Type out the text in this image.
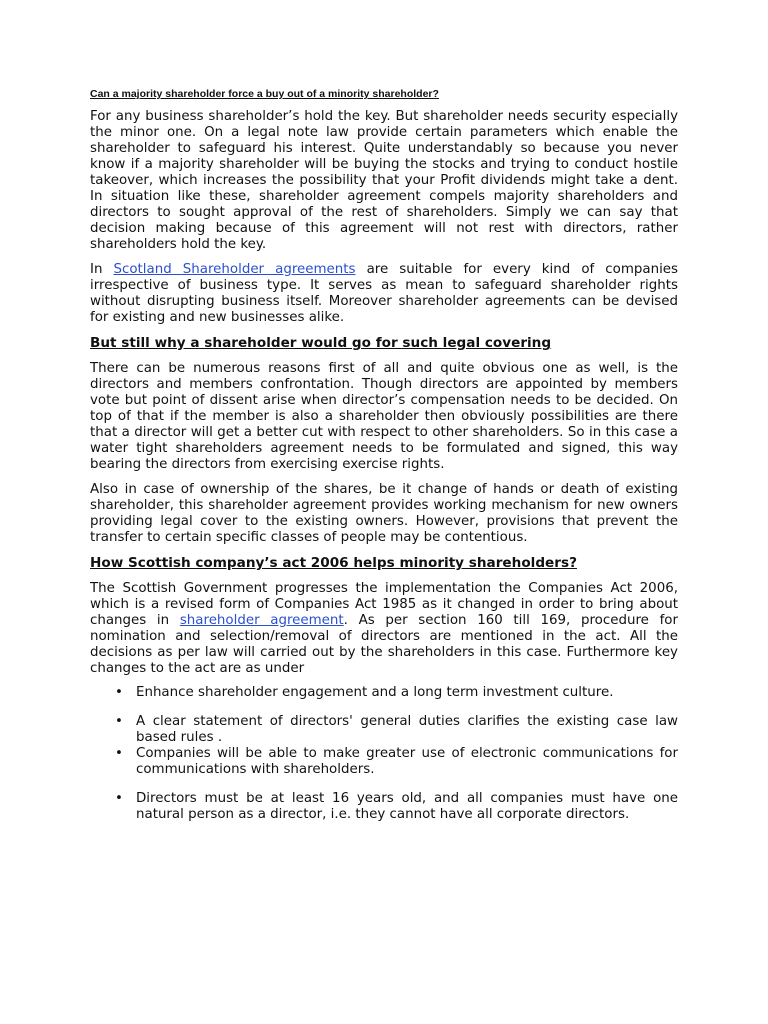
Can a majority shareholder force a buy out of a minority shareholder?

For any business shareholder’s hold the key. But shareholder needs security especially the minor one. On a legal note law provide certain parameters which enable the shareholder to safeguard his interest. Quite understandably so because you never know if a majority shareholder will be buying the stocks and trying to conduct hostile takeover, which increases the possibility that your Profit dividends might take a dent. In situation like these, shareholder agreement compels majority shareholders and directors to sought approval of the rest of shareholders. Simply we can say that decision making because of this agreement will not rest with directors, rather shareholders hold the key.

In Scotland Shareholder agreements are suitable for every kind of companies irrespective of business type. It serves as mean to safeguard shareholder rights without disrupting business itself. Moreover shareholder agreements can be devised for existing and new businesses alike.

But still why a shareholder would go for such legal covering

There can be numerous reasons first of all and quite obvious one as well, is the directors and members confrontation. Though directors are appointed by members vote but point of dissent arise when director’s compensation needs to be decided. On top of that if the member is also a shareholder then obviously possibilities are there that a director will get a better cut with respect to other shareholders. So in this case a water tight shareholders agreement needs to be formulated and signed, this way bearing the directors from exercising exercise rights.

Also in case of ownership of the shares, be it change of hands or death of existing shareholder, this shareholder agreement provides working mechanism for new owners providing legal cover to the existing owners. However, provisions that prevent the transfer to certain specific classes of people may be contentious.

How Scottish company’s act 2006 helps minority shareholders?

The Scottish Government progresses the implementation the Companies Act 2006, which is a revised form of Companies Act 1985 as it changed in order to bring about changes in shareholder agreement. As per section 160 till 169, procedure for nomination and selection/removal of directors are mentioned in the act. All the decisions as per law will carried out by the shareholders in this case. Furthermore key changes to the act are as under

• Enhance shareholder engagement and a long term investment culture.
• A clear statement of directors' general duties clarifies the existing case law based rules .
• Companies will be able to make greater use of electronic communications for communications with shareholders.
• Directors must be at least 16 years old, and all companies must have one natural person as a director, i.e. they cannot have all corporate directors.
